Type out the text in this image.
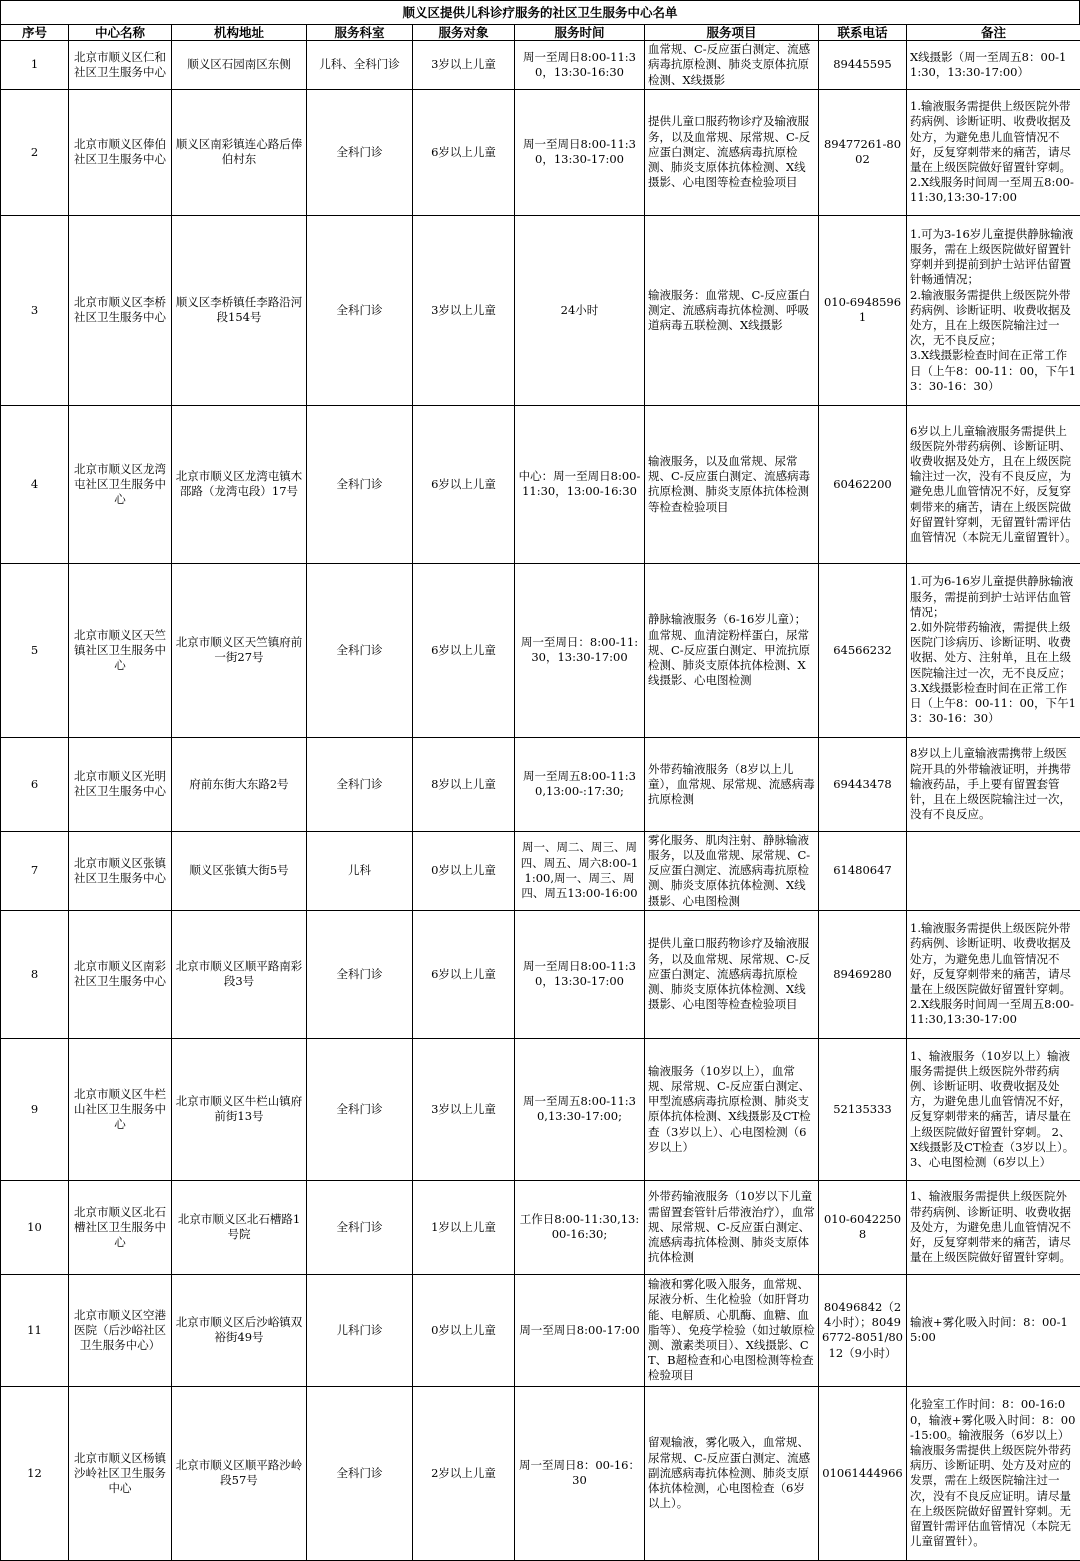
顺义区提供儿科诊疗服务的社区卫生服务中心名单
序号	中心名称	机构地址	服务科室	服务对象	服务时间	服务项目	联系电话	备注
1	北京市顺义区仁和社区卫生服务中心	顺义区石园南区东侧	儿科、全科门诊	3岁以上儿童	周一至周日8:00-11:30，13:30-16:30	血常规、C-反应蛋白测定、流感病毒抗原检测、肺炎支原体抗原检测、X线摄影	89445595	X线摄影（周一至周五8：00-11:30，13:30-17:00）
2	北京市顺义区俸伯社区卫生服务中心	顺义区南彩镇连心路后俸伯村东	全科门诊	6岁以上儿童	周一至周日8:00-11:30，13:30-17:00	提供儿童口服药物诊疗及输液服务，以及血常规、尿常规、C-反应蛋白测定、流感病毒抗原检测、肺炎支原体抗体检测、X线摄影、心电图等检查检验项目	89477261-8002	1.输液服务需提供上级医院外带药病例、诊断证明、收费收据及处方，为避免患儿血管情况不好，反复穿刺带来的痛苦，请尽量在上级医院做好留置针穿刺。
2.X线服务时间周一至周五8:00-11:30,13:30-17:00
3	北京市顺义区李桥社区卫生服务中心	顺义区李桥镇任李路沿河段154号	全科门诊	3岁以上儿童	24小时	输液服务：血常规、C-反应蛋白测定、流感病毒抗体检测、呼吸道病毒五联检测、X线摄影	010-69485961	1.可为3-16岁儿童提供静脉输液服务，需在上级医院做好留置针穿刺并到提前到护士站评估留置针畅通情况；
2.输液服务需提供上级医院外带药病例、诊断证明、收费收据及处方，且在上级医院输注过一次，无不良反应；
3.X线摄影检查时间在正常工作日（上午8：00-11：00，下午13：30-16：30）
4	北京市顺义区龙湾屯社区卫生服务中心	北京市顺义区龙湾屯镇木邵路（龙湾屯段）17号	全科门诊	6岁以上儿童	中心：周一至周日8:00-11:30，13:00-16:30	输液服务，以及血常规、尿常规、C-反应蛋白测定、流感病毒抗原检测、肺炎支原体抗体检测等检查检验项目	60462200	6岁以上儿童输液服务需提供上级医院外带药病例、诊断证明、收费收据及处方，且在上级医院输注过一次，没有不良反应，为避免患儿血管情况不好，反复穿刺带来的痛苦，请在上级医院做好留置针穿刺，无留置针需评估血管情况（本院无儿童留置针）。
5	北京市顺义区天竺镇社区卫生服务中心	北京市顺义区天竺镇府前一街27号	全科门诊	6岁以上儿童	周一至周日：8:00-11:30，13:30-17:00	静脉输液服务（6-16岁儿童）；血常规、血清淀粉样蛋白，尿常规、C-反应蛋白测定、甲流抗原检测、肺炎支原体抗体检测、X线摄影、心电图检测	64566232	1.可为6-16岁儿童提供静脉输液服务，需提前到护士站评估血管情况；
2.如外院带药输液，需提供上级医院门诊病历、诊断证明、收费收据、处方、注射单，且在上级医院输注过一次，无不良反应；
3.X线摄影检查时间在正常工作日（上午8：00-11：00，下午13：30-16：30）
6	北京市顺义区光明社区卫生服务中心	府前东街大东路2号	全科门诊	8岁以上儿童	周一至周五8:00-11:30,13:00-:17:30;	外带药输液服务（8岁以上儿童），血常规、尿常规、流感病毒抗原检测	69443478	8岁以上儿童输液需携带上级医院开具的外带输液证明，并携带输液药品，手上要有留置套管针，且在上级医院输注过一次，没有不良反应。
7	北京市顺义区张镇社区卫生服务中心	顺义区张镇大街5号	儿科	0岁以上儿童	周一、周二、周三、周四、周五、周六8:00-11:00,周一、周三、周四、周五13:00-16:00	雾化服务、肌肉注射、静脉输液服务，以及血常规、尿常规、C-反应蛋白测定、流感病毒抗原检测、肺炎支原体抗体检测、X线摄影、心电图检测	61480647	
8	北京市顺义区南彩社区卫生服务中心	北京市顺义区顺平路南彩段3号	全科门诊	6岁以上儿童	周一至周日8:00-11:30，13:30-17:00	提供儿童口服药物诊疗及输液服务，以及血常规、尿常规、C-反应蛋白测定、流感病毒抗原检测、肺炎支原体抗体检测、X线摄影、心电图等检查检验项目	89469280	1.输液服务需提供上级医院外带药病例、诊断证明、收费收据及处方，为避免患儿血管情况不好，反复穿刺带来的痛苦，请尽量在上级医院做好留置针穿刺。
2.X线服务时间周一至周五8:00-11:30,13:30-17:00
9	北京市顺义区牛栏山社区卫生服务中心	北京市顺义区牛栏山镇府前街13号	全科门诊	3岁以上儿童	周一至周五8:00-11:30,13:30-17:00;	输液服务（10岁以上），血常规、尿常规、C-反应蛋白测定、甲型流感病毒抗原检测、肺炎支原体抗体检测、X线摄影及CT检查（3岁以上）、心电图检测（6岁以上）	52135333	1、输液服务（10岁以上）输液服务需提供上级医院外带药病例、诊断证明、收费收据及处方，为避免患儿血管情况不好，反复穿刺带来的痛苦，请尽量在上级医院做好留置针穿刺。 2、X线摄影及CT检查（3岁以上）。 3、心电图检测（6岁以上）
10	北京市顺义区北石槽社区卫生服务中心	北京市顺义区北石槽路1号院	全科门诊	1岁以上儿童	工作日8:00-11:30,13:00-16:30;	外带药输液服务（10岁以下儿童需留置套管针后带液治疗），血常规、尿常规、C-反应蛋白测定、流感病毒抗体检测、肺炎支原体抗体检测	010-60422508	1、输液服务需提供上级医院外带药病例、诊断证明、收费收据及处方，为避免患儿血管情况不好，反复穿刺带来的痛苦，请尽量在上级医院做好留置针穿刺。
11	北京市顺义区空港医院（后沙峪社区卫生服务中心）	北京市顺义区后沙峪镇双裕街49号	儿科门诊	0岁以上儿童	周一至周日8:00-17:00	输液和雾化吸入服务，血常规、尿液分析、生化检验（如肝肾功能、电解质、心肌酶、血糖、血脂等）、免疫学检验（如过敏原检测、激素类项目）、X线摄影、CT、B超检查和心电图检测等检查检验项目	80496842（24小时）；80496772-8051/8012（9小时）	输液+雾化吸入时间：8：00-15:00
12	北京市顺义区杨镇沙岭社区卫生服务中心	北京市顺义区顺平路沙岭段57号	全科门诊	2岁以上儿童	周一至周日8：00-16：30	留观输液，雾化吸入，血常规、尿常规、C-反应蛋白测定、流感副流感病毒抗体检测、肺炎支原体抗体检测，心电图检查（6岁以上）。	01061444966	化验室工作时间：8：00-16:00，输液+雾化吸入时间：8：00-15:00。输液服务（6岁以上）输液服务需提供上级医院外带药病历、诊断证明、处方及对应的发票，需在上级医院输注过一次，没有不良反应证明。请尽量在上级医院做好留置针穿刺。无留置针需评估血管情况（本院无儿童留置针）。
